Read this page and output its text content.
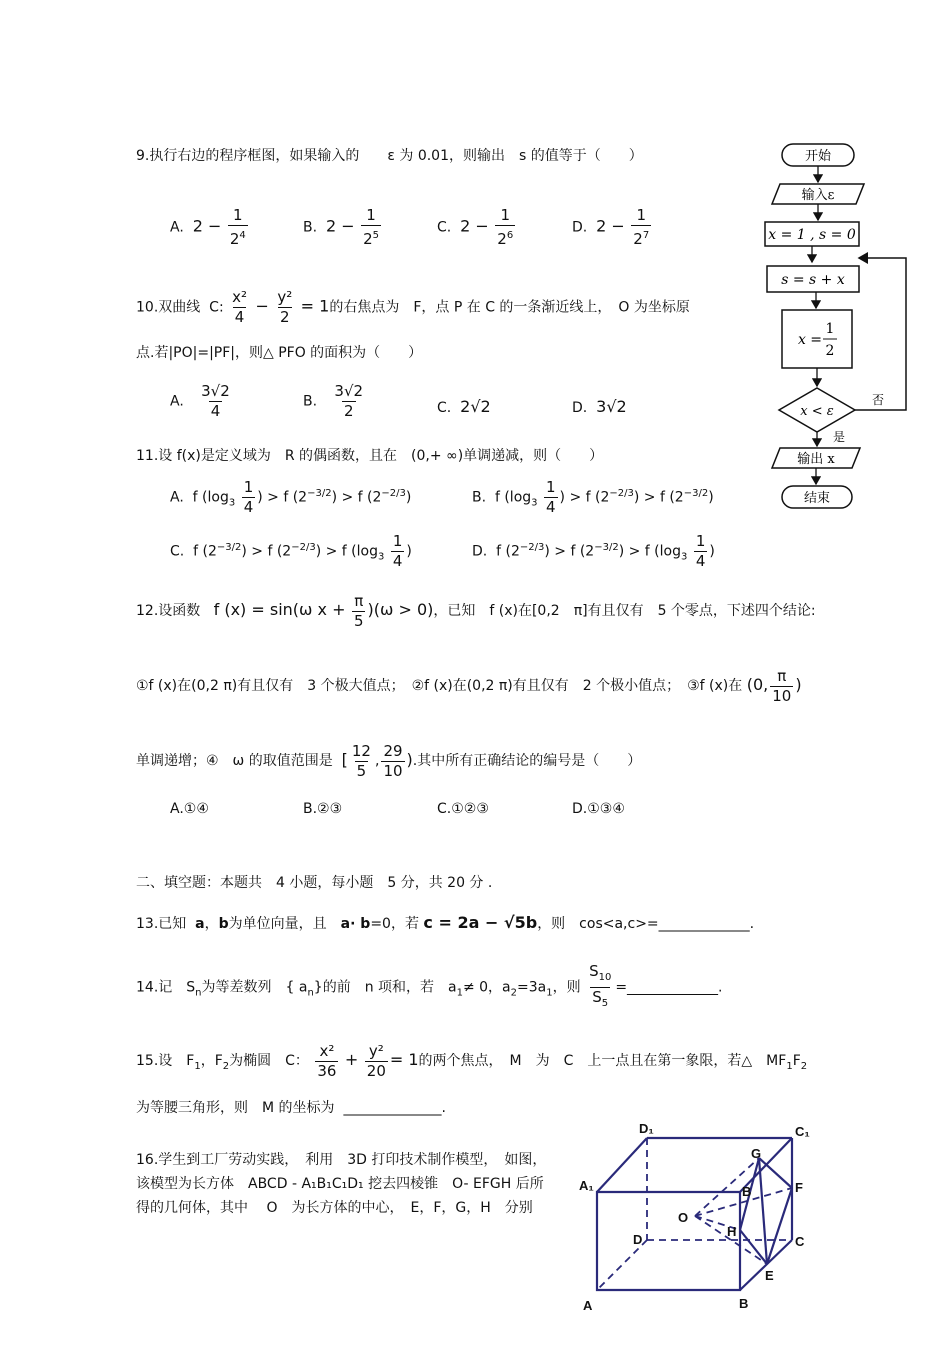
9.执行右边的程序框图，如果输入的　　ε 为 0.01，则输出　s 的值等于（　　）
A. $2 - \frac{1}{2^4}$	B. $2 - \frac{1}{2^5}$	C. $2 - \frac{1}{2^6}$	D. $2 - \frac{1}{2^7}$
开始
输入ε
x = 1 , s = 0
s = s + x
x =
1
2
x < ε
否
是
输出 x
结束
10.双曲线 C: $\frac{\text{x²}}{4} - \frac{\text{y²}}{2} = 1$的右焦点为　F，点 P 在 C 的一条渐近线上，　O 为坐标原
点.若|PO|=|PF|，则△ PFO 的面积为（　　）
A. $\frac{3√2}{4}$	B. $\frac{3√2}{2}$	C. 2√2	D. 3√2
11.设 f(x)是定义域为　R 的偶函数，且在　(0,+ ∞)单调递减，则（　　）
A.  f ($\log_3 \frac{1}{4}$ ) > f $(2^{-3/2}) > f$ $(2^{-2/3})$	B.  f ($\log_3 \frac{1}{4}$ ) > f $(2^{-2/3}) > f$ $(2^{-3/2})$
C.  f $(2^{-3/2}) > f$ $(2^{-2/3}) > f$ ($\log_3 \frac{1}{4}$ )	D.  f $(2^{-2/3}) > f$ $(2^{-3/2}) > f$ ($\log_3 \frac{1}{4}$ )
12.设函数 f (x) = sin(ω $x + \frac{\pi}{5} )(\omega > 0)$，已知　f (x)在[0,2　π]有且仅有　5 个零点，下述四个结论:
①f (x)在(0,2 π)有且仅有　3 个极大值点；　②f (x)在(0,2 π)有且仅有　2 个极小值点；　③f (x)在 (0, $\frac{\pi}{10}$ )
单调递增；④　ω 的取值范围是 [ $\frac{12}{5}$ , $\frac{29}{10}$ ).其中所有正确结论的编号是（　　）
A.①④	B.②③	C.①②③	D.①③④
二、填空题：本题共　4 小题，每小题　5 分，共 20 分 .
13.已知 a，b为单位向量，且　a· b=0，若 c = 2a − √5b，则　cos<a,c>=_____________.
14.记　$S_n$为等差数列　{ $a_n$}的前　n 项和，若　$a_1\ne 0$，$a_2=3a_1$，则 $\frac{S_{10}}{S_5}$ =_____________.
15.设　$F_1$，$F_2$为椭圆　C： $\frac{\text{x²}}{36} + \frac{\text{y²}}{20} = 1$的两个焦点，　M　为　C　上一点且在第一象限，若△　$MF_1F_2$
为等腰三角形，则　M 的坐标为 ______________.
16.学生到工厂劳动实践，　利用　3D 打印技术制作模型，　如图，
该模型为长方体　ABCD - A₁B₁C₁D₁ 挖去四棱锥　O- EFGH 后所
得的几何体，其中　 O　为长方体的中心，　E，F，G，H　分别
D₁	C₁
A₁	B
G
F
O
H
D	C
E
A	B
